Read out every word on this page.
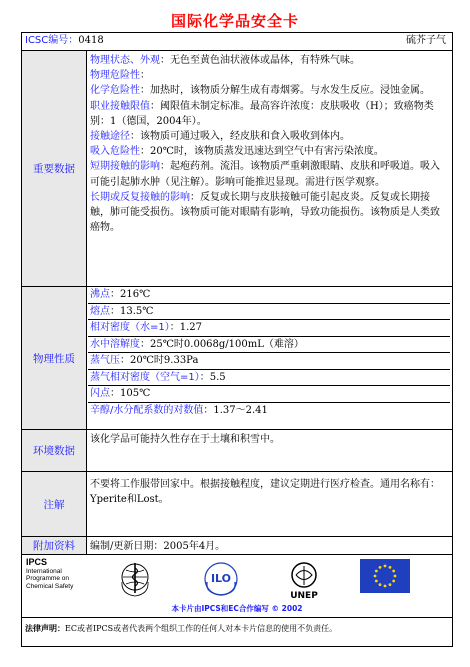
国际化学品安全卡
ICSC编号：0418	硫芥子气
重要数据
物理状态、外观：无色至黄色油状液体或晶体，有特殊气味。
物理危险性：
化学危险性：加热时，该物质分解生成有毒烟雾。与水发生反应。浸蚀金属。
职业接触限值：阈限值未制定标准。最高容许浓度：皮肤吸收（H）；致癌物类别：1（德国，2004年）。
接触途径：该物质可通过吸入，经皮肤和食入吸收到体内。
吸入危险性：20℃时，该物质蒸发迅速达到空气中有害污染浓度。
短期接触的影响：起疱药剂。流泪。该物质严重刺激眼睛、皮肤和呼吸道。吸入可能引起肺水肿（见注解）。影响可能推迟显现。需进行医学观察。
长期或反复接触的影响：反复或长期与皮肤接触可能引起皮炎。反复或长期接触，肺可能受损伤。该物质可能对眼睛有影响，导致功能损伤。该物质是人类致癌物。
物理性质
沸点：216℃
熔点：13.5℃
相对密度（水=1）：1.27
水中溶解度：25℃时0.0068g/100mL（难溶）
蒸气压：20℃时9.33Pa
蒸气相对密度（空气=1）：5.5
闪点：105℃
辛醇/水分配系数的对数值：1.37～2.41
环境数据
该化学品可能持久性存在于土壤和积雪中。
注解
不要将工作服带回家中。根据接触程度，建议定期进行医疗检查。通用名称有：Yperite和Lost。
附加资料	编制/更新日期：2005年4月。
IPCS
International
Programme on
Chemical Safety
ILO
UNEP
本卡片由IPCS和EC合作编写 © 2002
法律声明：EC或者IPCS或者代表两个组织工作的任何人对本卡片信息的使用不负责任。
